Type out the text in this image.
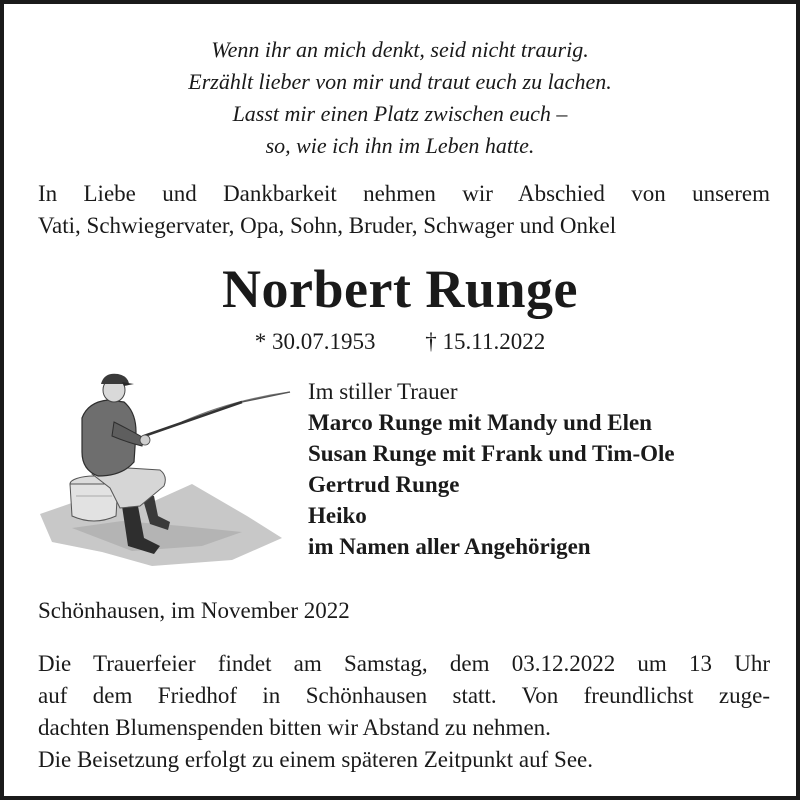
Wenn ihr an mich denkt, seid nicht traurig.
Erzählt lieber von mir und traut euch zu lachen.
Lasst mir einen Platz zwischen euch –
so, wie ich ihn im Leben hatte.
In Liebe und Dankbarkeit nehmen wir Abschied von unserem
Vati, Schwiegervater, Opa, Sohn, Bruder, Schwager und Onkel
Norbert Runge
* 30.07.1953 † 15.11.2022
Im stiller Trauer
Marco Runge mit Mandy und Elen
Susan Runge mit Frank und Tim-Ole
Gertrud Runge
Heiko
im Namen aller Angehörigen
Schönhausen, im November 2022
Die Trauerfeier findet am Samstag, dem 03.12.2022 um 13 Uhr
auf dem Friedhof in Schönhausen statt. Von freundlichst zuge-
dachten Blumenspenden bitten wir Abstand zu nehmen.
Die Beisetzung erfolgt zu einem späteren Zeitpunkt auf See.
